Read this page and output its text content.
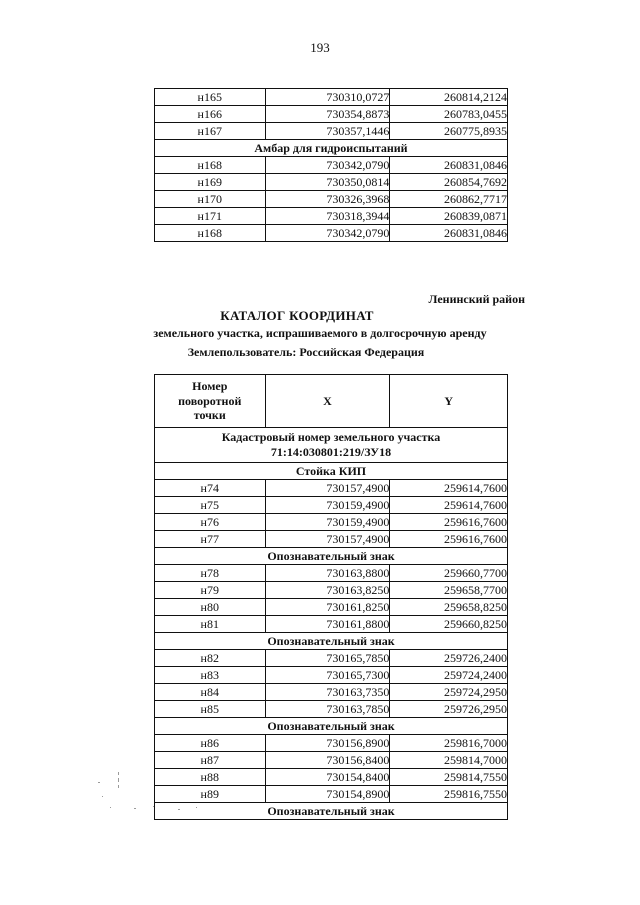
193
н165	730310,0727	260814,2124
н166	730354,8873	260783,0455
н167	730357,1446	260775,8935
Амбар для гидроиспытаний		
н168	730342,0790	260831,0846
н169	730350,0814	260854,7692
н170	730326,3968	260862,7717
н171	730318,3944	260839,0871
н168	730342,0790	260831,0846
Ленинский район
КАТАЛОГ КООРДИНАТ
земельного участка, испрашиваемого в долгосрочную аренду
Землепользователь: Российская Федерация
Номер
поворотной
точки	X	Y
Кадастровый номер земельного участка
71:14:030801:219/ЗУ18		
Стойка КИП		
н74	730157,4900	259614,7600
н75	730159,4900	259614,7600
н76	730159,4900	259616,7600
н77	730157,4900	259616,7600
Опознавательный знак		
н78	730163,8800	259660,7700
н79	730163,8250	259658,7700
н80	730161,8250	259658,8250
н81	730161,8800	259660,8250
Опознавательный знак		
н82	730165,7850	259726,2400
н83	730165,7300	259724,2400
н84	730163,7350	259724,2950
н85	730163,7850	259726,2950
Опознавательный знак		
н86	730156,8900	259816,7000
н87	730156,8400	259814,7000
н88	730154,8400	259814,7550
н89	730154,8900	259816,7550
Опознавательный знак		
